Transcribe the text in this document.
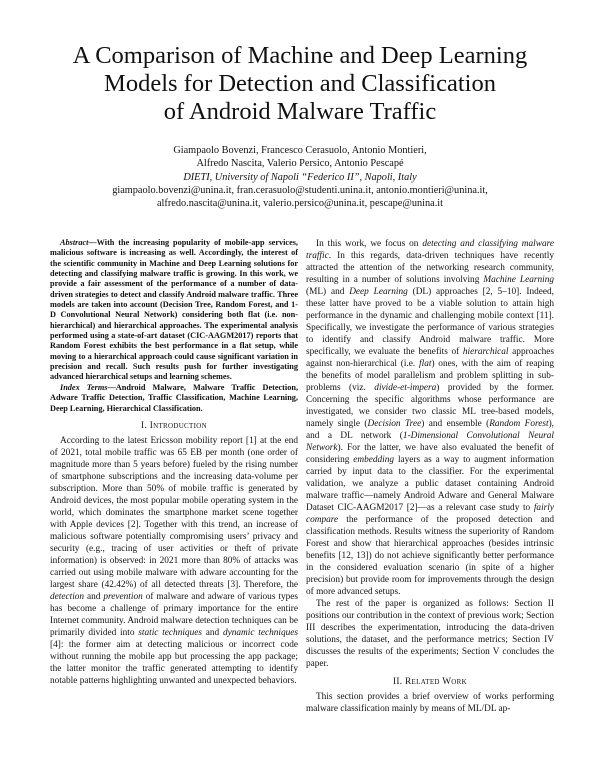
A Comparison of Machine and Deep Learning
Models for Detection and Classification
of Android Malware Traffic
Giampaolo Bovenzi, Francesco Cerasuolo, Antonio Montieri,
Alfredo Nascita, Valerio Persico, Antonio Pescapé
DIETI, University of Napoli “Federico II”, Napoli, Italy
giampaolo.bovenzi@unina.it, fran.cerasuolo@studenti.unina.it, antonio.montieri@unina.it,
alfredo.nascita@unina.it, valerio.persico@unina.it, pescape@unina.it

Abstract—With the increasing popularity of mobile-app services, malicious software is increasing as well. Accordingly, the interest of the scientific community in Machine and Deep Learning solutions for detecting and classifying malware traffic is growing. In this work, we provide a fair assessment of the performance of a number of data-driven strategies to detect and classify Android malware traffic. Three models are taken into account (Decision Tree, Random Forest, and 1-D Convolutional Neural Network) considering both flat (i.e. non-hierarchical) and hierarchical approaches. The experimental analysis performed using a state-of-art dataset (CIC-AAGM2017) reports that Random Forest exhibits the best performance in a flat setup, while moving to a hierarchical approach could cause significant variation in precision and recall. Such results push for further investigating advanced hierarchical setups and learning schemes.

Index Terms—Android Malware, Malware Traffic Detection, Adware Traffic Detection, Traffic Classification, Machine Learning, Deep Learning, Hierarchical Classification.

I. Introduction

According to the latest Ericsson mobility report [1] at the end of 2021, total mobile traffic was 65 EB per month (one order of magnitude more than 5 years before) fueled by the rising number of smartphone subscriptions and the increasing data-volume per subscription. More than 50% of mobile traffic is generated by Android devices, the most popular mobile operating system in the world, which dominates the smartphone market scene together with Apple devices [2]. Together with this trend, an increase of malicious software potentially compromising users’ privacy and security (e.g., tracing of user activities or theft of private information) is observed: in 2021 more than 80% of attacks was carried out using mobile malware with adware accounting for the largest share (42.42%) of all detected threats [3]. Therefore, the detection and prevention of malware and adware of various types has become a challenge of primary importance for the entire Internet community. Android malware detection techniques can be primarily divided into static techniques and dynamic techniques [4]: the former aim at detecting malicious or incorrect code without running the mobile app but processing the app package; the latter monitor the traffic generated attempting to identify notable patterns highlighting unwanted and unexpected behaviors.

In this work, we focus on detecting and classifying malware traffic. In this regards, data-driven techniques have recently attracted the attention of the networking research community, resulting in a number of solutions involving Machine Learning (ML) and Deep Learning (DL) approaches [2, 5–10]. Indeed, these latter have proved to be a viable solution to attain high performance in the dynamic and challenging mobile context [11]. Specifically, we investigate the performance of various strategies to identify and classify Android malware traffic. More specifically, we evaluate the benefits of hierarchical approaches against non-hierarchical (i.e. flat) ones, with the aim of reaping the benefits of model parallelism and problem splitting in sub-problems (viz. divide-et-impera) provided by the former. Concerning the specific algorithms whose performance are investigated, we consider two classic ML tree-based models, namely single (Decision Tree) and ensemble (Random Forest), and a DL network (1-Dimensional Convolutional Neural Network). For the latter, we have also evaluated the benefit of considering embedding layers as a way to augment information carried by input data to the classifier. For the experimental validation, we analyze a public dataset containing Android malware traffic—namely Android Adware and General Malware Dataset CIC-AAGM2017 [2]—as a relevant case study to fairly compare the performance of the proposed detection and classification methods. Results witness the superiority of Random Forest and show that hierarchical approaches (besides intrinsic benefits [12, 13]) do not achieve significantly better performance in the considered evaluation scenario (in spite of a higher precision) but provide room for improvements through the design of more advanced setups.

The rest of the paper is organized as follows: Section II positions our contribution in the context of previous work; Section III describes the experimentation, introducing the data-driven solutions, the dataset, and the performance metrics; Section IV discusses the results of the experiments; Section V concludes the paper.

II. Related Work

This section provides a brief overview of works performing malware classification mainly by means of ML/DL ap-
